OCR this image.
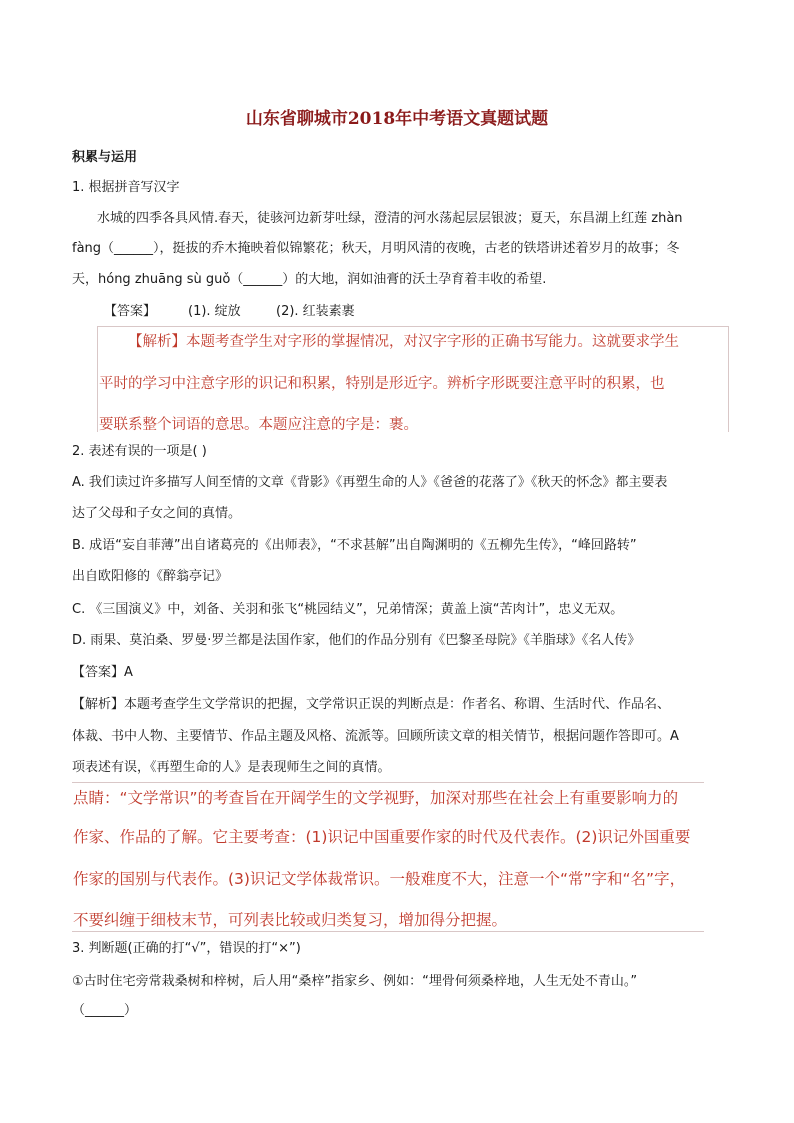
山东省聊城市2018年中考语文真题试题
积累与运用
1. 根据拼音写汉字
水城的四季各具风情.春天，徒骇河边新芽吐绿，澄清的河水荡起层层银波；夏天，东昌湖上红莲 zhàn
fàng（______），挺拔的乔木掩映着似锦繁花；秋天，月明风清的夜晚，古老的铁塔讲述着岁月的故事；冬
天，hóng zhuāng sù guǒ（______）的大地，润如油膏的沃土孕育着丰收的希望.
【答案】 (1). 绽放	(2). 红装素裹
【解析】本题考查学生对字形的掌握情况，对汉字字形的正确书写能力。这就要求学生
平时的学习中注意字形的识记和积累，特别是形近字。辨析字形既要注意平时的积累，也
要联系整个词语的意思。本题应注意的字是：裹。
2. 表述有误的一项是( )
A. 我们读过许多描写人间至情的文章《背影》《再塑生命的人》《爸爸的花落了》《秋天的怀念》都主要表
达了父母和子女之间的真情。
B. 成语“妄自菲薄”出自诸葛亮的《出师表》，“不求甚解”出自陶渊明的《五柳先生传》，“峰回路转”
出自欧阳修的《醉翁亭记》
C. 《三国演义》中，刘备、关羽和张飞“桃园结义”，兄弟情深；黄盖上演“苦肉计”，忠义无双。
D. 雨果、莫泊桑、罗曼·罗兰都是法国作家，他们的作品分别有《巴黎圣母院》《羊脂球》《名人传》
【答案】A
【解析】本题考查学生文学常识的把握，文学常识正误的判断点是：作者名、称谓、生活时代、作品名、
体裁、书中人物、主要情节、作品主题及风格、流派等。回顾所读文章的相关情节，根据问题作答即可。A
项表述有误，《再塑生命的人》是表现师生之间的真情。
点睛：“文学常识”的考查旨在开阔学生的文学视野，加深对那些在社会上有重要影响力的
作家、作品的了解。它主要考查：(1)识记中国重要作家的时代及代表作。(2)识记外国重要
作家的国别与代表作。(3)识记文学体裁常识。一般难度不大，注意一个“常”字和“名”字，
不要纠缠于细枝末节，可列表比较或归类复习，增加得分把握。
3. 判断题(正确的打“√”，错误的打“×”)
①古时住宅旁常栽桑树和梓树，后人用“桑梓”指家乡、例如：“埋骨何须桑梓地，人生无处不青山。”
（______）
